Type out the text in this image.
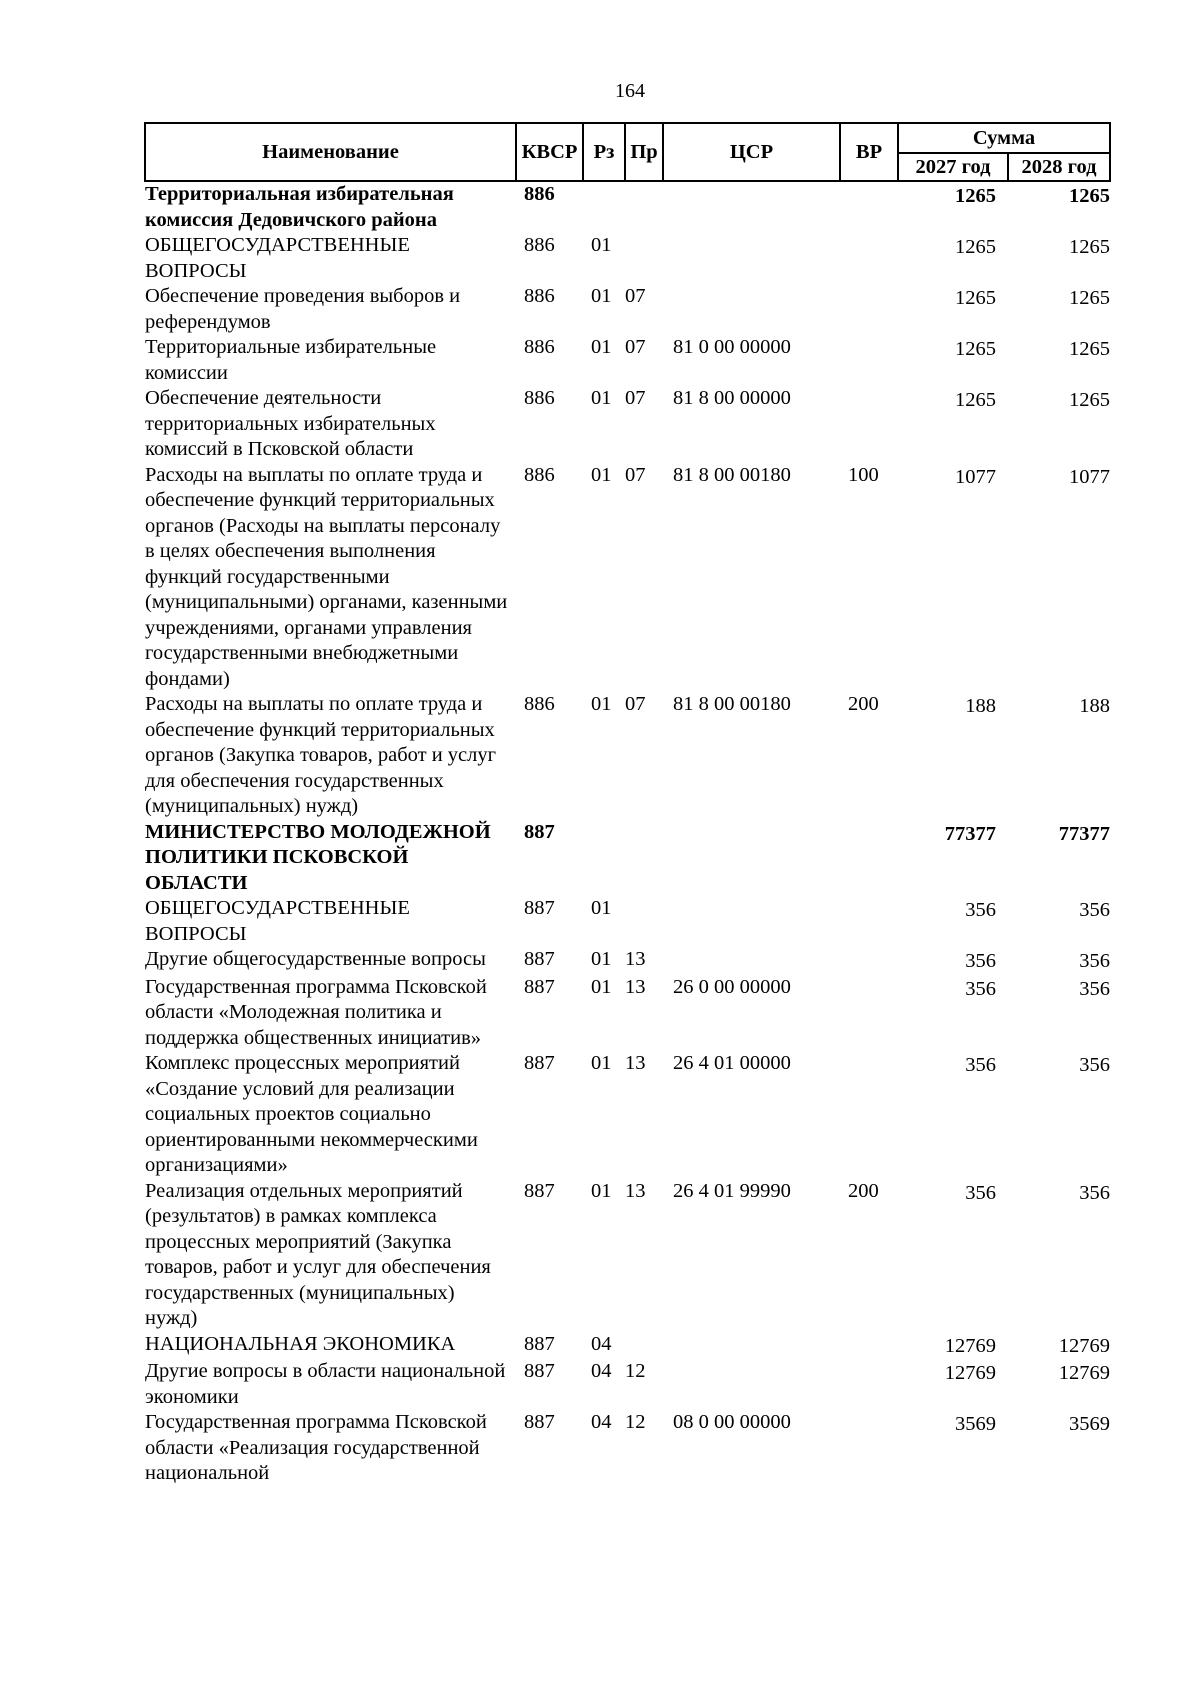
164
Наименование	КВСР	Рз	Пр	ЦСР	ВР	Сумма	
						2027 год	2028 год
Территориальная избирательная комиссия Дедовичского района	886					1265	1265
ОБЩЕГОСУДАРСТВЕННЫЕ ВОПРОСЫ	886	01				1265	1265
Обеспечение проведения выборов и референдумов	886	01	07			1265	1265
Территориальные избирательные комиссии	886	01	07	81 0 00 00000		1265	1265
Обеспечение деятельности территориальных избирательных комиссий в Псковской области	886	01	07	81 8 00 00000		1265	1265
Расходы на выплаты по оплате труда и обеспечение функций территориальных органов (Расходы на выплаты персоналу в целях обеспечения выполнения функций государственными (муниципальными) органами, казенными учреждениями, органами управления государственными внебюджетными фондами)	886	01	07	81 8 00 00180	100	1077	1077
Расходы на выплаты по оплате труда и обеспечение функций территориальных органов (Закупка товаров, работ и услуг для обеспечения государственных (муниципальных) нужд)	886	01	07	81 8 00 00180	200	188	188
МИНИСТЕРСТВО МОЛОДЕЖНОЙ ПОЛИТИКИ ПСКОВСКОЙ ОБЛАСТИ	887					77377	77377
ОБЩЕГОСУДАРСТВЕННЫЕ ВОПРОСЫ	887	01				356	356
Другие общегосударственные вопросы	887	01	13			356	356
Государственная программа Псковской области «Молодежная политика и поддержка общественных инициатив»	887	01	13	26 0 00 00000		356	356
Комплекс процессных мероприятий «Создание условий для реализации социальных проектов социально ориентированными некоммерческими организациями»	887	01	13	26 4 01 00000		356	356
Реализация отдельных мероприятий (результатов) в рамках комплекса процессных мероприятий (Закупка товаров, работ и услуг для обеспечения государственных (муниципальных) нужд)	887	01	13	26 4 01 99990	200	356	356
НАЦИОНАЛЬНАЯ ЭКОНОМИКА	887	04				12769	12769
Другие вопросы в области национальной экономики	887	04	12			12769	12769
Государственная программа Псковской области «Реализация государственной национальной	887	04	12	08 0 00 00000		3569	3569
